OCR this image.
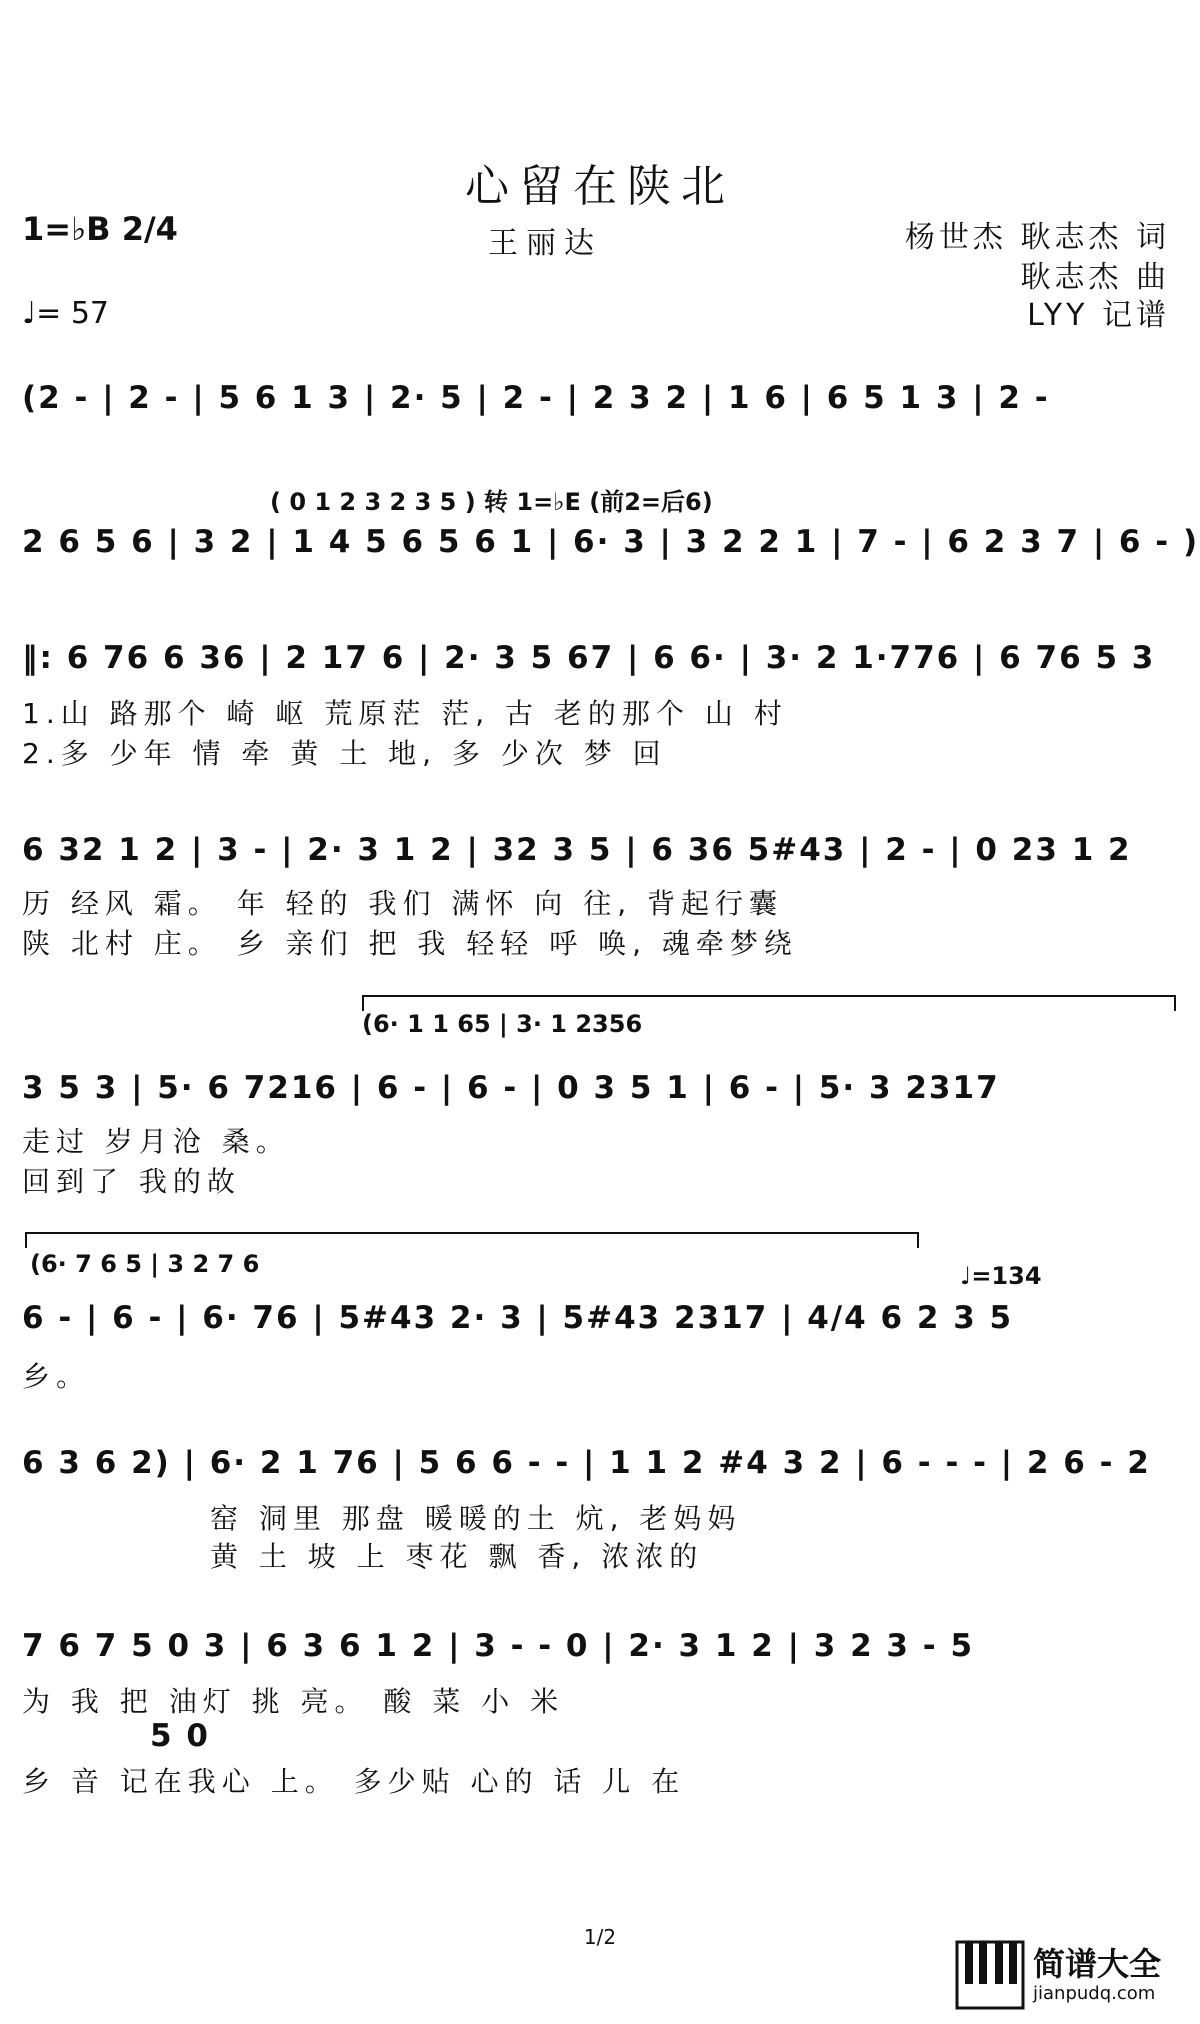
心留在陕北
王丽达	杨世杰 耿志杰 词
耿志杰 曲
LYY 记谱
1=♭B 2/4
♩= 57
(2 - | 2 - | 5 6 1 3 | 2· 5 | 2 - | 2 3 2 | 1 6 | 6 5 1 3 | 2 -
( 0 1 2 3 2 3 5 ) 转 1=♭E (前2=后6)
2 6 5 6 | 3 2 | 1 4 5 6 5 6 1 | 6· 3 | 3 2 2 1 | 7 - | 6 2 3 7 | 6 - )
‖: 6 76 6 36 | 2 17 6 | 2· 3 5 67 | 6 6· | 3· 2 1·776 | 6 76 5 3
1.山 路那个 崎 岖 荒原茫 茫, 古 老的那个 山 村
2.多 少年 情 牵 黄 土 地, 多 少次 梦 回
6 32 1 2 | 3 - | 2· 3 1 2 | 32 3 5 | 6 36 5#43 | 2 - | 0 23 1 2
历 经风 霜。 年 轻的 我们 满怀 向 往, 背起行囊
陕 北村 庄。 乡 亲们 把 我 轻轻 呼 唤, 魂牵梦绕
(6· 1 1 65 | 3· 1 2356
3 5 3 | 5· 6 7216 | 6 - | 6 - | 0 3 5 1 | 6 - | 5· 3 2317
走过 岁月沧 桑。
回到了 我的故
(6· 7 6 5 | 3 2 7 6	♩=134
6 - | 6 - | 6· 76 | 5#43 2· 3 | 5#43 2317 | 4/4 6 2 3 5
乡。
6 3 6 2) | 6· 2 1 76 | 5 6 6 - - | 1 1 2 #4 3 2 | 6 - - - | 2 6 - 2
窑 洞里 那盘 暖暖的土 炕, 老妈妈
黄 土 坡 上 枣花 飘 香, 浓浓的
7 6 7 5 0 3 | 6 3 6 1 2 | 3 - - 0 | 2· 3 1 2 | 3 2 3 - 5
为 我 把 油灯 挑 亮。 酸 菜 小 米
5 0
乡 音 记在我心 上。 多少贴 心的 话 儿 在
1/2
简谱大全
jianpudq.com
